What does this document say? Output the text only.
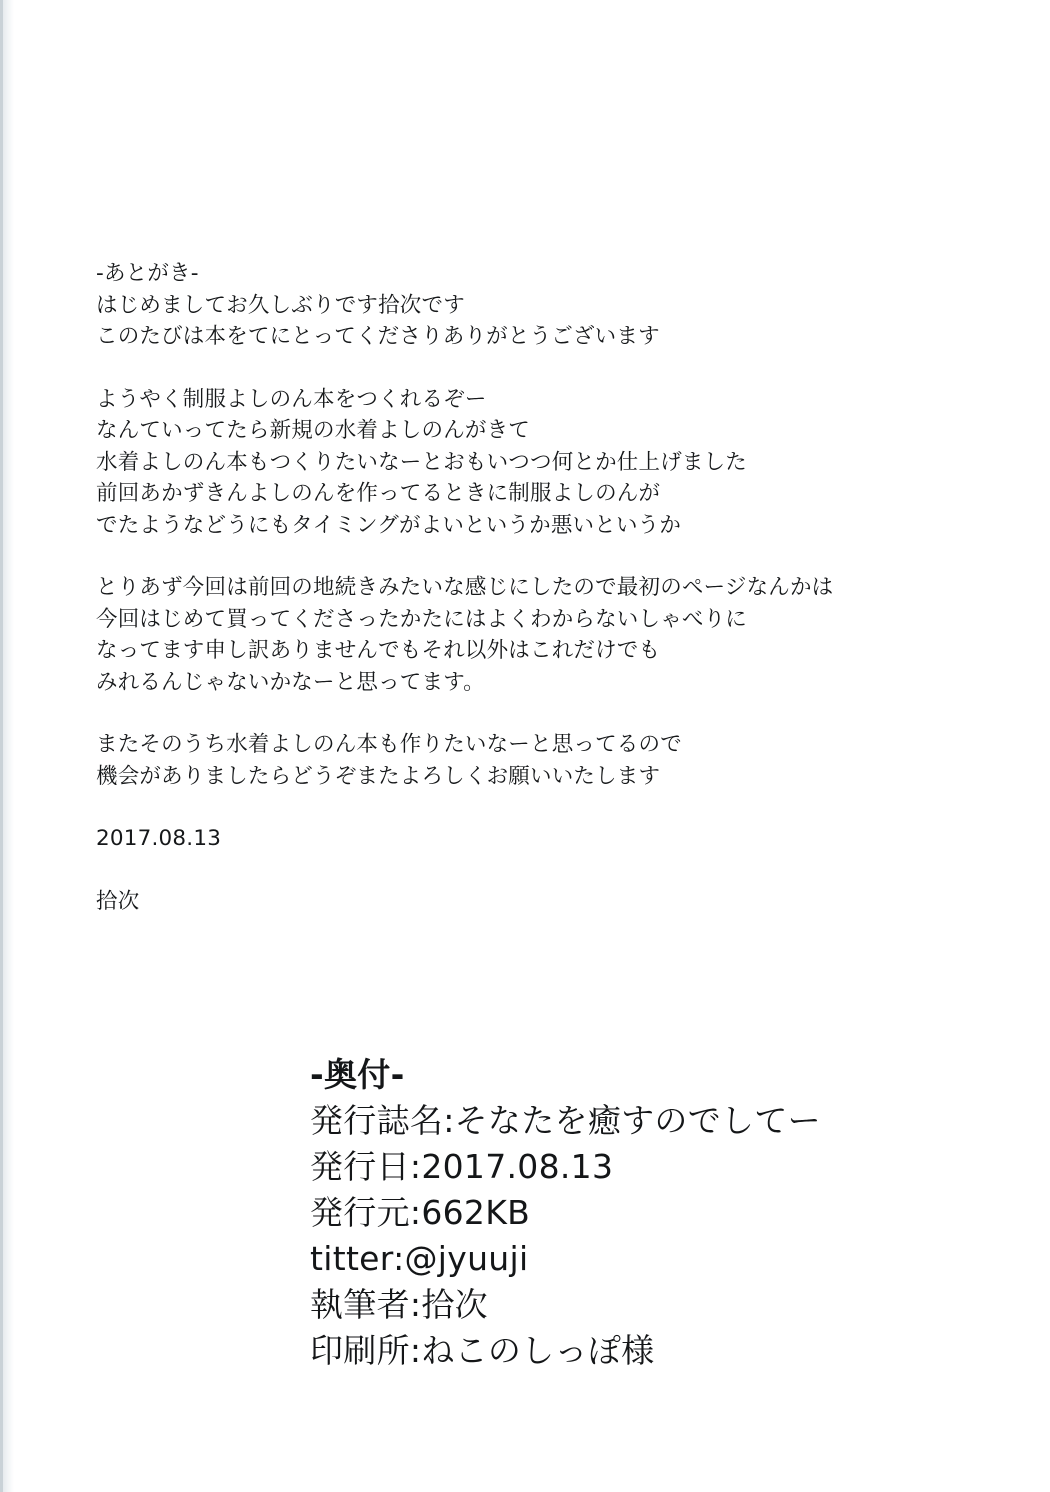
-あとがき-

はじめましてお久しぶりです拾次です

このたびは本をてにとってくださりありがとうございます

ようやく制服よしのん本をつくれるぞー

なんていってたら新規の水着よしのんがきて

水着よしのん本もつくりたいなーとおもいつつ何とか仕上げました

前回あかずきんよしのんを作ってるときに制服よしのんが

でたようなどうにもタイミングがよいというか悪いというか

とりあず今回は前回の地続きみたいな感じにしたので最初のページなんかは

今回はじめて買ってくださったかたにはよくわからないしゃべりに

なってます申し訳ありませんでもそれ以外はこれだけでも

みれるんじゃないかなーと思ってます。

またそのうち水着よしのん本も作りたいなーと思ってるので

機会がありましたらどうぞまたよろしくお願いいたします

2017.08.13

拾次

-奥付-
発行誌名:そなたを癒すのでしてー
発行日:2017.08.13
発行元:662KB
titter:@jyuuji
執筆者:拾次
印刷所:ねこのしっぽ様
